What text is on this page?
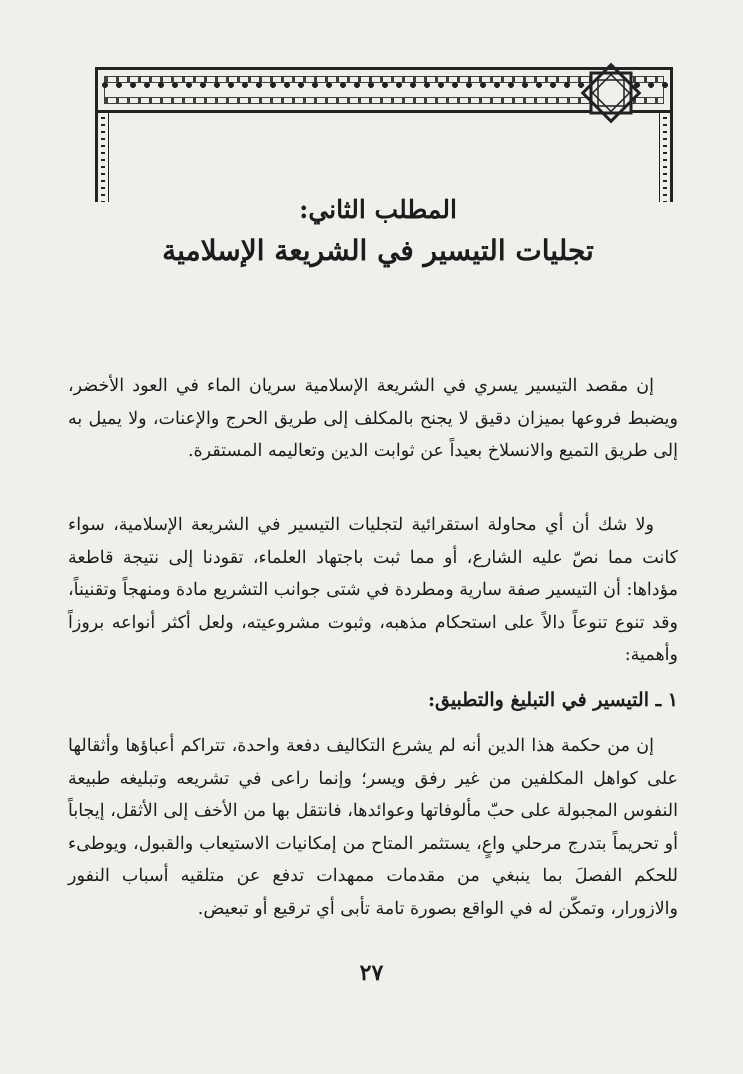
المطلب الثاني:
تجليات التيسير في الشريعة الإسلامية

إن مقصد التيسير يسري في الشريعة الإسلامية سريان الماء في العود الأخضر، ويضبط فروعها بميزان دقيق لا يجنح بالمكلف إلى طريق الحرج والإعنات، ولا يميل به إلى طريق التميع والانسلاخ بعيداً عن ثوابت الدين وتعاليمه المستقرة.

ولا شك أن أي محاولة استقرائية لتجليات التيسير في الشريعة الإسلامية، سواء كانت مما نصّ عليه الشارع، أو مما ثبت باجتهاد العلماء، تقودنا إلى نتيجة قاطعة مؤداها: أن التيسير صفة سارية ومطردة في شتى جوانب التشريع مادة ومنهجاً وتقنيناً، وقد تنوع تنوعاً دالاً على استحكام مذهبه، وثبوت مشروعيته، ولعل أكثر أنواعه بروزاً وأهمية:

١ ـ التيسير في التبليغ والتطبيق:

إن من حكمة هذا الدين أنه لم يشرع التكاليف دفعة واحدة، تتراكم أعباؤها وأثقالها على كواهل المكلفين من غير رفق ويسر؛ وإنما راعى في تشريعه وتبليغه طبيعة النفوس المجبولة على حبّ مألوفاتها وعوائدها، فانتقل بها من الأخف إلى الأثقل، إيجاباً أو تحريماً بتدرج مرحلي واعٍ، يستثمر المتاح من إمكانيات الاستيعاب والقبول، ويوطىء للحكم الفصلَ بما ينبغي من مقدمات ممهدات تدفع عن متلقيه أسباب النفور والازورار، وتمكّن له في الواقع بصورة تامة تأبى أي ترقيع أو تبعيض.

٢٧
